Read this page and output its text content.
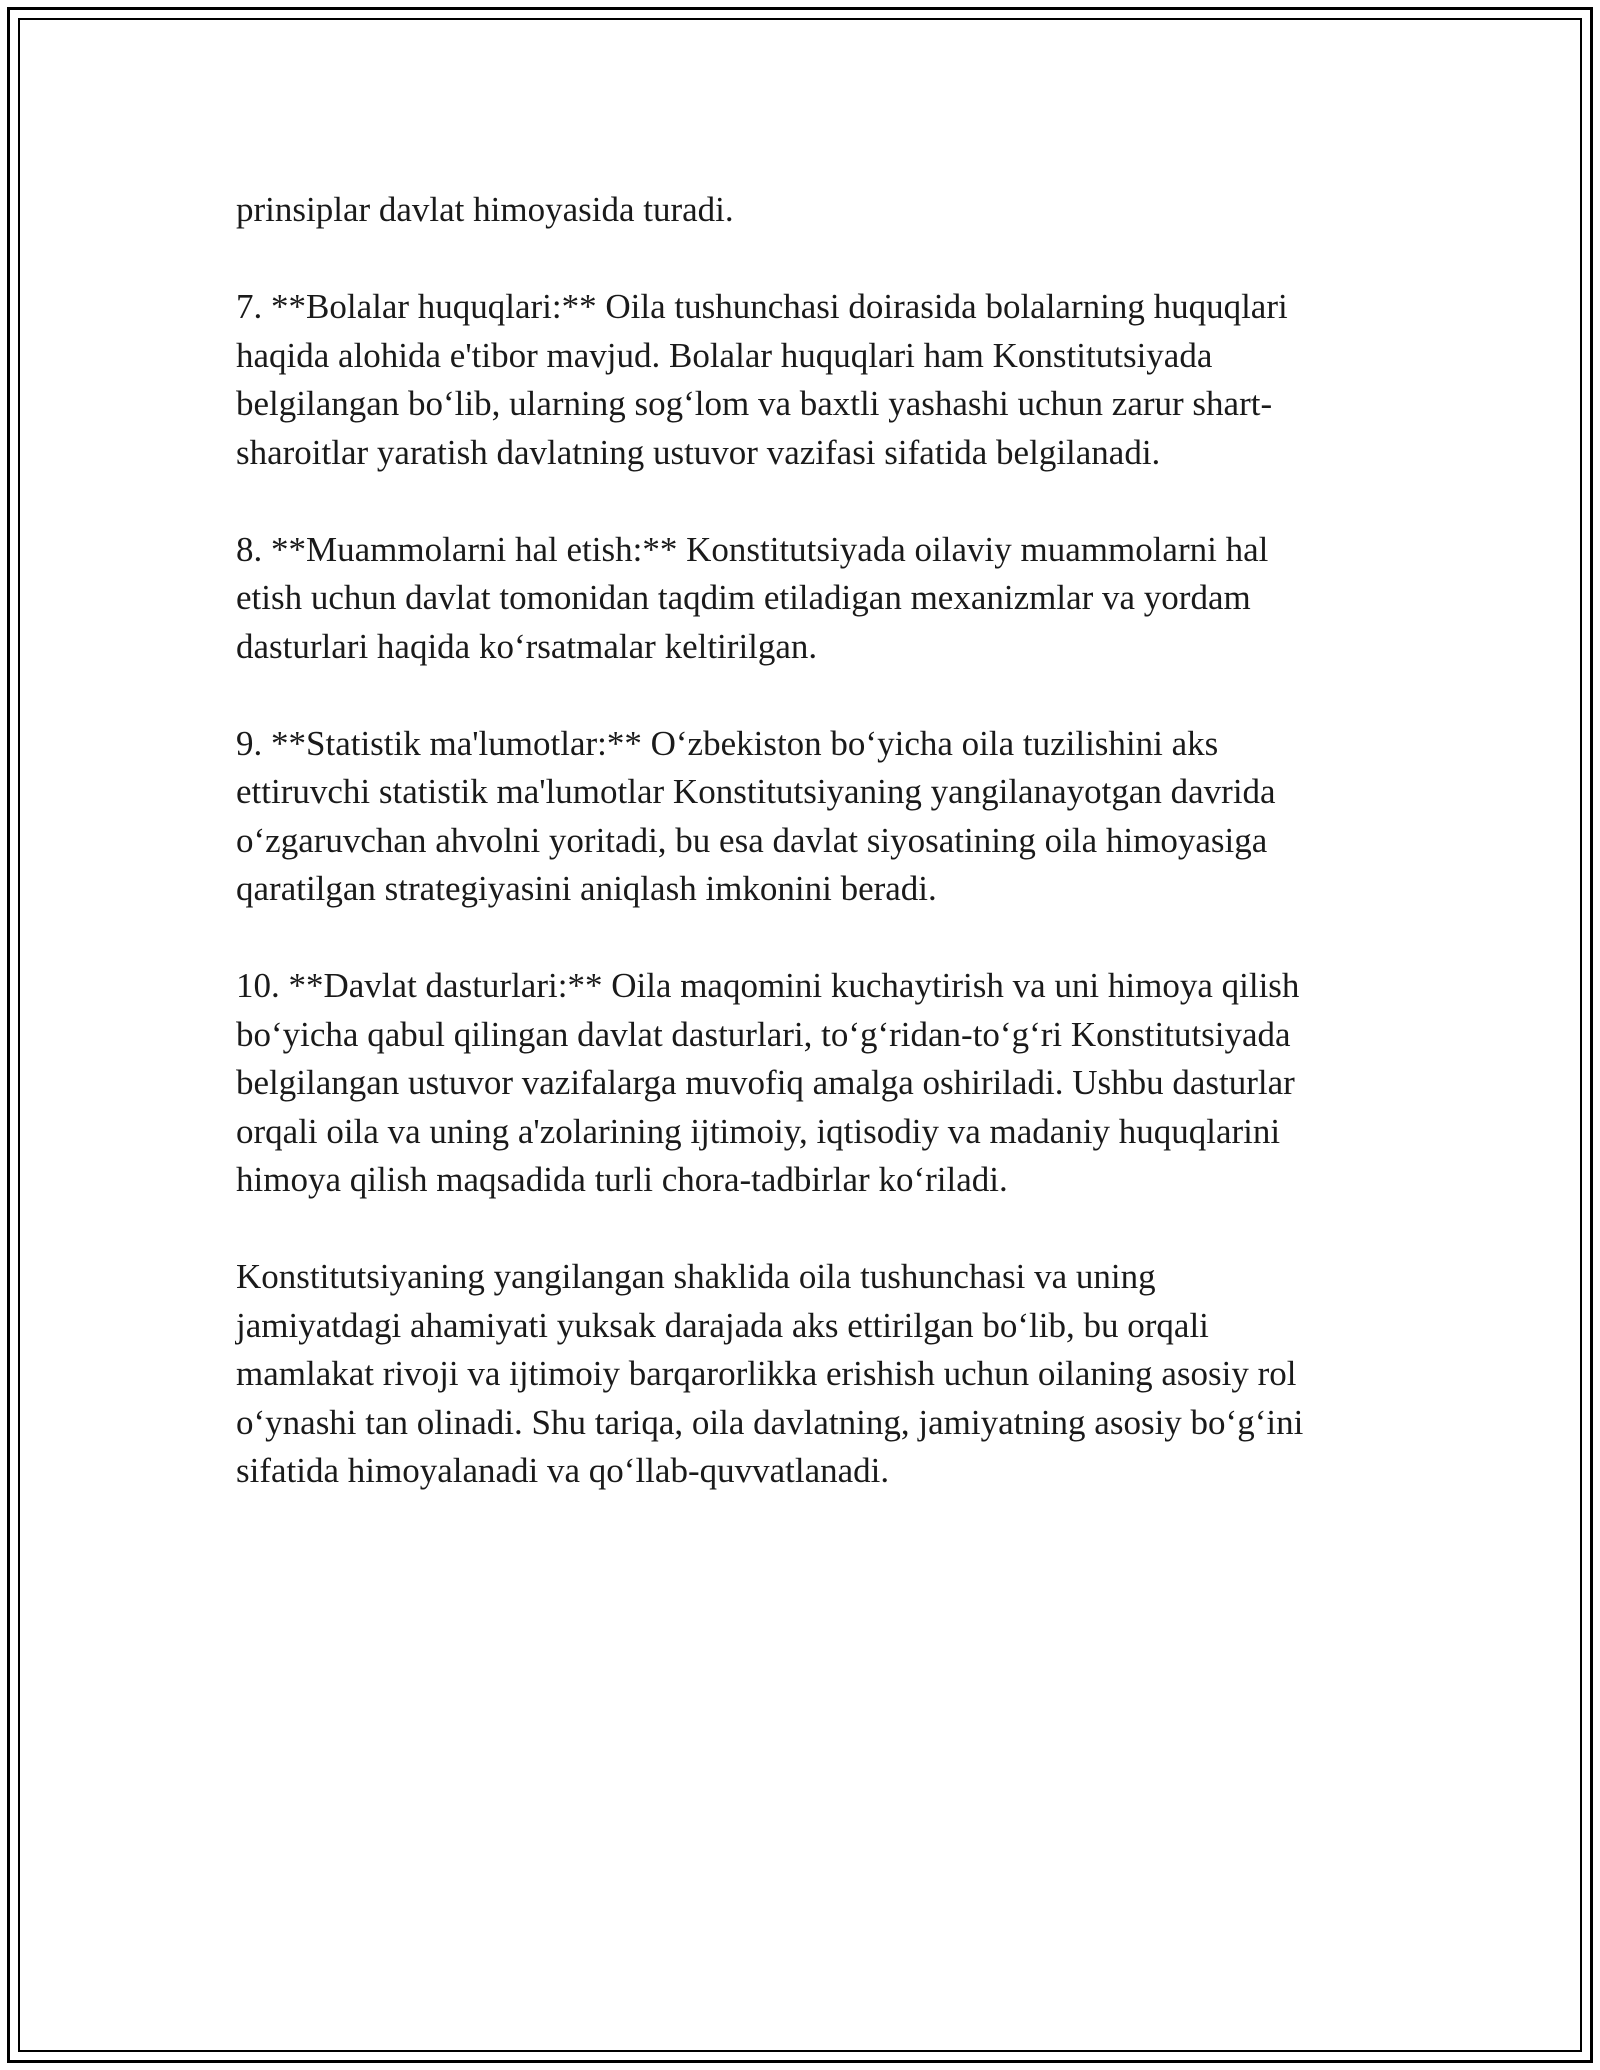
prinsiplar davlat himoyasida turadi.

7. **Bolalar huquqlari:** Oila tushunchasi doirasida bolalarning huquqlari
haqida alohida e'tibor mavjud. Bolalar huquqlari ham Konstitutsiyada
belgilangan bo‘lib, ularning sog‘lom va baxtli yashashi uchun zarur shart-
sharoitlar yaratish davlatning ustuvor vazifasi sifatida belgilanadi.

8. **Muammolarni hal etish:** Konstitutsiyada oilaviy muammolarni hal
etish uchun davlat tomonidan taqdim etiladigan mexanizmlar va yordam
dasturlari haqida ko‘rsatmalar keltirilgan.

9. **Statistik ma'lumotlar:** O‘zbekiston bo‘yicha oila tuzilishini aks
ettiruvchi statistik ma'lumotlar Konstitutsiyaning yangilanayotgan davrida
o‘zgaruvchan ahvolni yoritadi, bu esa davlat siyosatining oila himoyasiga
qaratilgan strategiyasini aniqlash imkonini beradi.

10. **Davlat dasturlari:** Oila maqomini kuchaytirish va uni himoya qilish
bo‘yicha qabul qilingan davlat dasturlari, to‘g‘ridan-to‘g‘ri Konstitutsiyada
belgilangan ustuvor vazifalarga muvofiq amalga oshiriladi. Ushbu dasturlar
orqali oila va uning a'zolarining ijtimoiy, iqtisodiy va madaniy huquqlarini
himoya qilish maqsadida turli chora-tadbirlar ko‘riladi.

Konstitutsiyaning yangilangan shaklida oila tushunchasi va uning
jamiyatdagi ahamiyati yuksak darajada aks ettirilgan bo‘lib, bu orqali
mamlakat rivoji va ijtimoiy barqarorlikka erishish uchun oilaning asosiy rol
o‘ynashi tan olinadi. Shu tariqa, oila davlatning, jamiyatning asosiy bo‘g‘ini
sifatida himoyalanadi va qo‘llab-quvvatlanadi.
